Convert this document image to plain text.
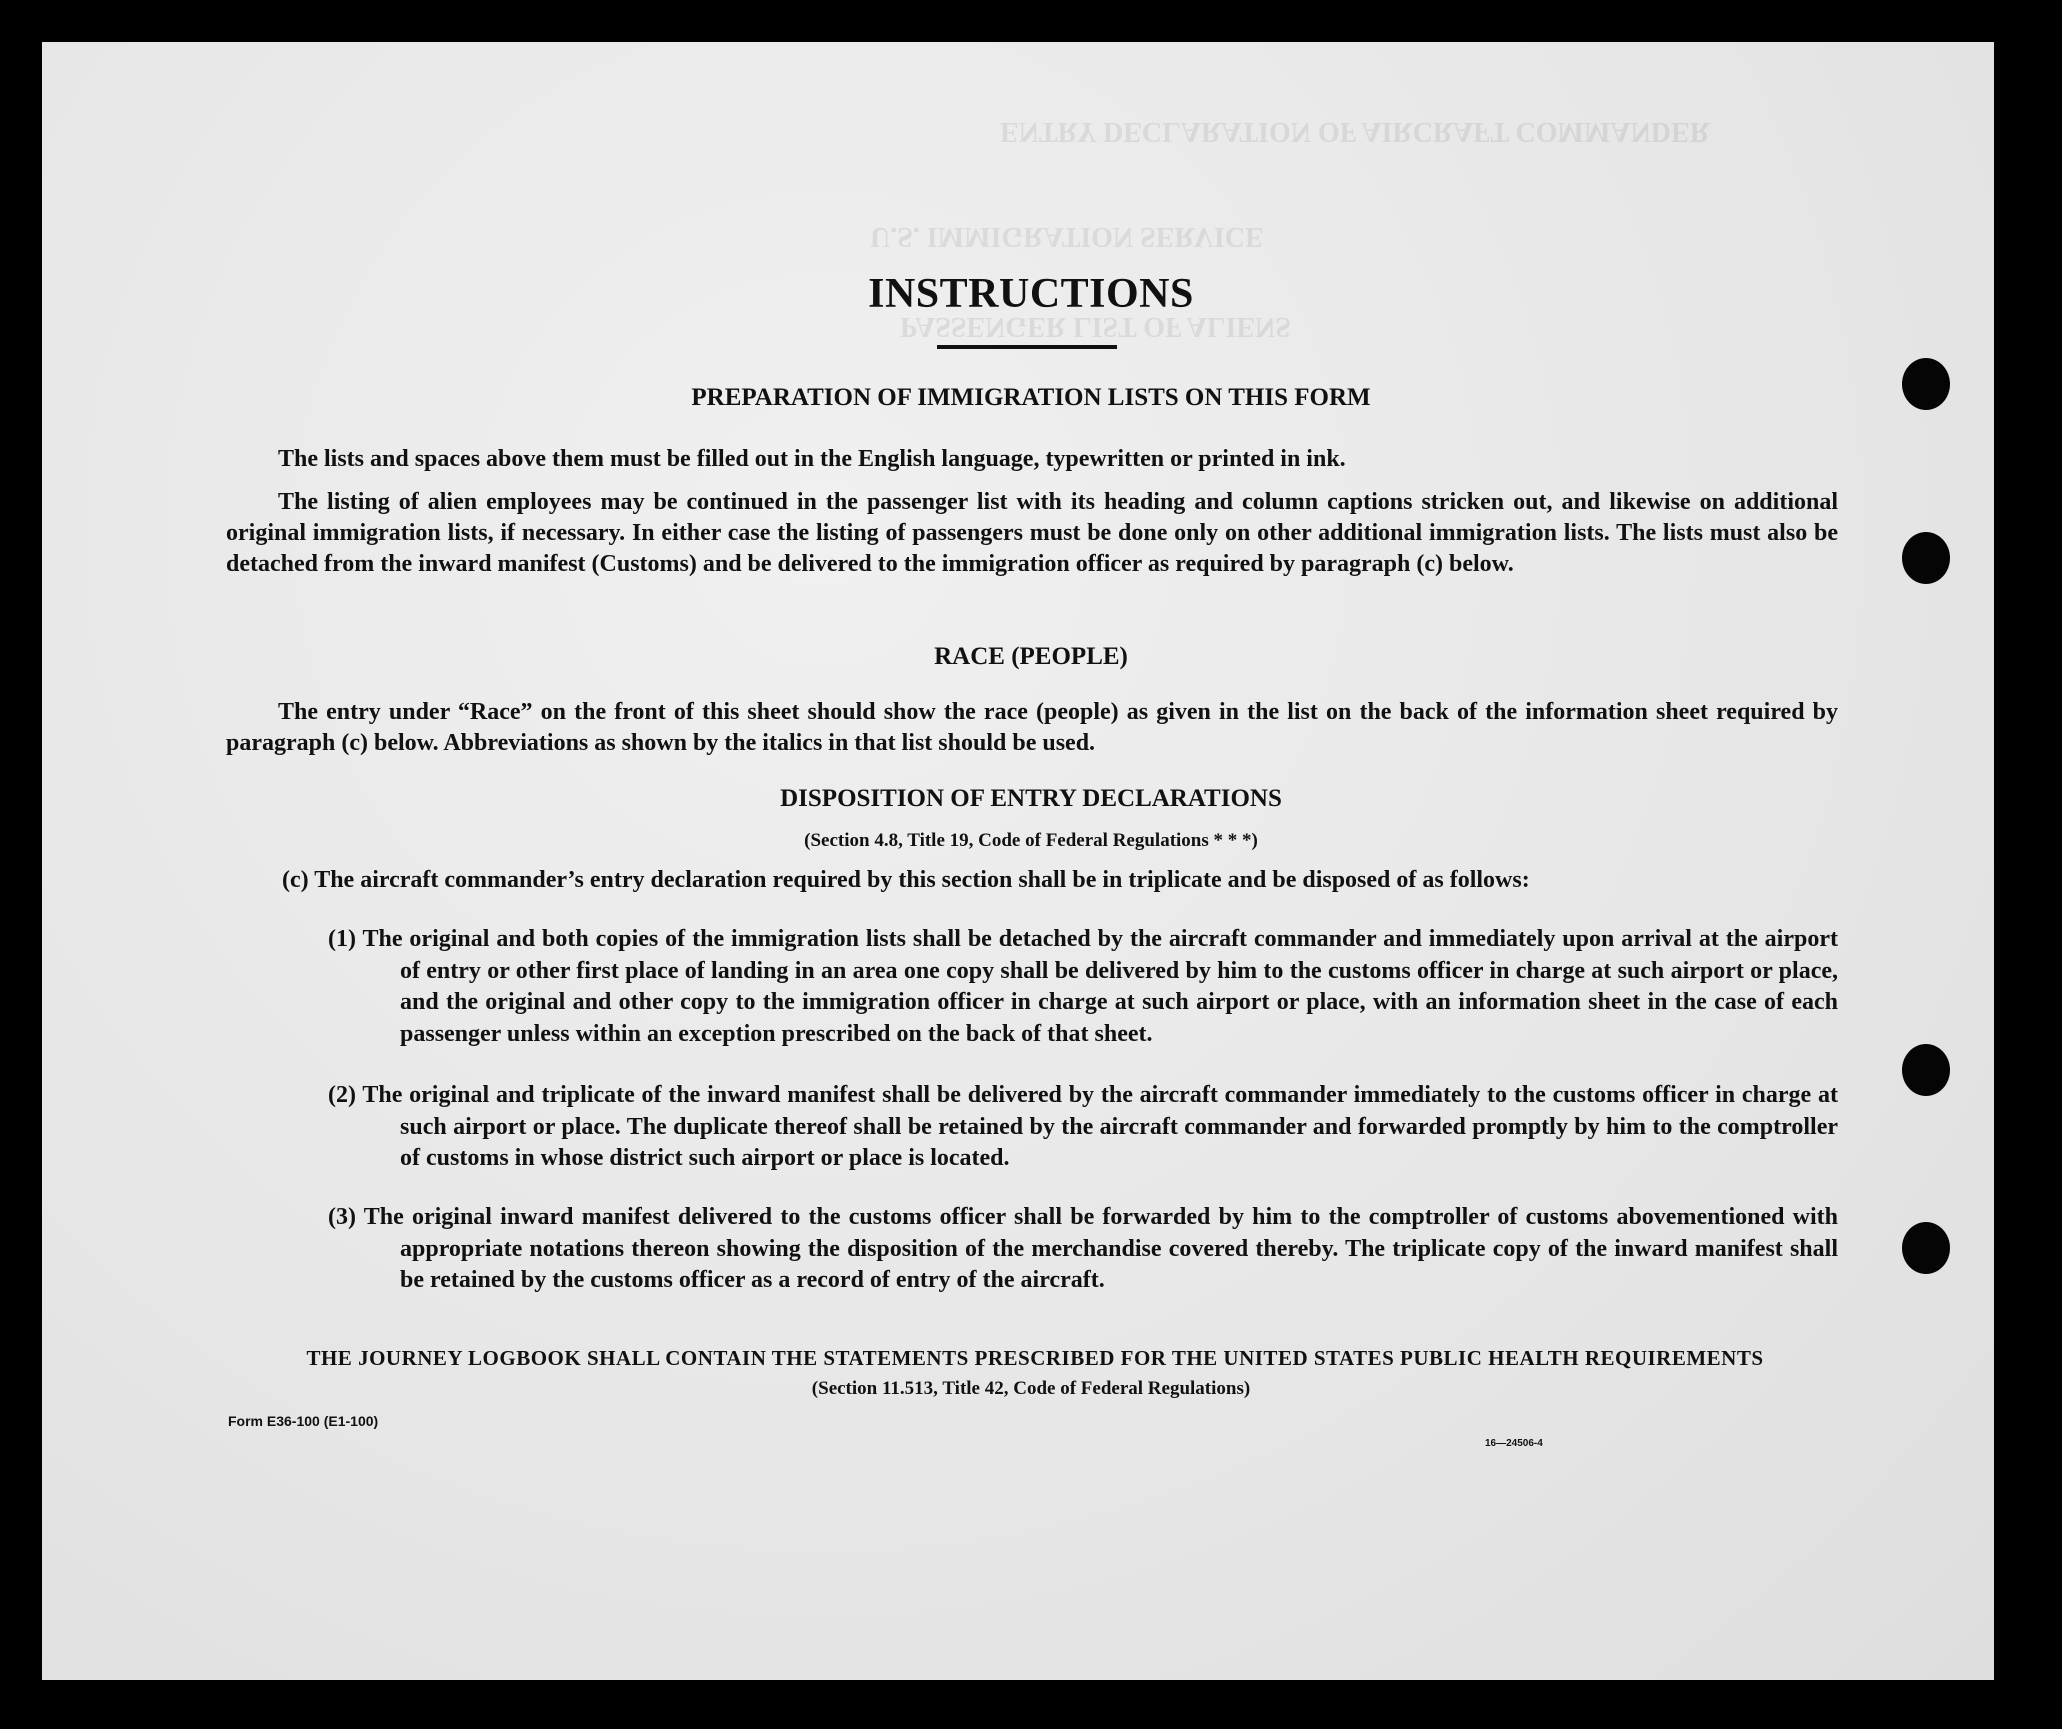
ENTRY DECLARATION OF AIRCRAFT COMMANDER
U.S. IMMIGRATION SERVICE
PASSENGER LIST OF ALIENS
INSTRUCTIONS
PREPARATION OF IMMIGRATION LISTS ON THIS FORM

The lists and spaces above them must be filled out in the English language, typewritten or printed in ink.

The listing of alien employees may be continued in the passenger list with its heading and column captions stricken out, and likewise on additional original immigration lists, if necessary. In either case the listing of passengers must be done only on other additional immigration lists. The lists must also be detached from the inward manifest (Customs) and be delivered to the immigration officer as required by paragraph (c) below.

RACE (PEOPLE)

The entry under “Race” on the front of this sheet should show the race (people) as given in the list on the back of the information sheet required by paragraph (c) below. Abbreviations as shown by the italics in that list should be used.

DISPOSITION OF ENTRY DECLARATIONS
(Section 4.8, Title 19, Code of Federal Regulations * * *)
(c) The aircraft commander’s entry declaration required by this section shall be in triplicate and be disposed of as follows:
(1) The original and both copies of the immigration lists shall be detached by the aircraft commander and immediately upon arrival at the airport of entry or other first place of landing in an area one copy shall be delivered by him to the customs officer in charge at such airport or place, and the original and other copy to the immigration officer in charge at such airport or place, with an information sheet in the case of each passenger unless within an exception prescribed on the back of that sheet.
(2) The original and triplicate of the inward manifest shall be delivered by the aircraft commander immediately to the customs officer in charge at such airport or place. The duplicate thereof shall be retained by the aircraft commander and forwarded promptly by him to the comptroller of customs in whose district such airport or place is located.
(3) The original inward manifest delivered to the customs officer shall be forwarded by him to the comptroller of customs abovementioned with appropriate notations thereon showing the disposition of the merchandise covered thereby. The triplicate copy of the inward manifest shall be retained by the customs officer as a record of entry of the aircraft.
THE JOURNEY LOGBOOK SHALL CONTAIN THE STATEMENTS PRESCRIBED FOR THE UNITED STATES PUBLIC HEALTH REQUIREMENTS
(Section 11.513, Title 42, Code of Federal Regulations)
Form E36-100 (E1-100)
16—24506-4
